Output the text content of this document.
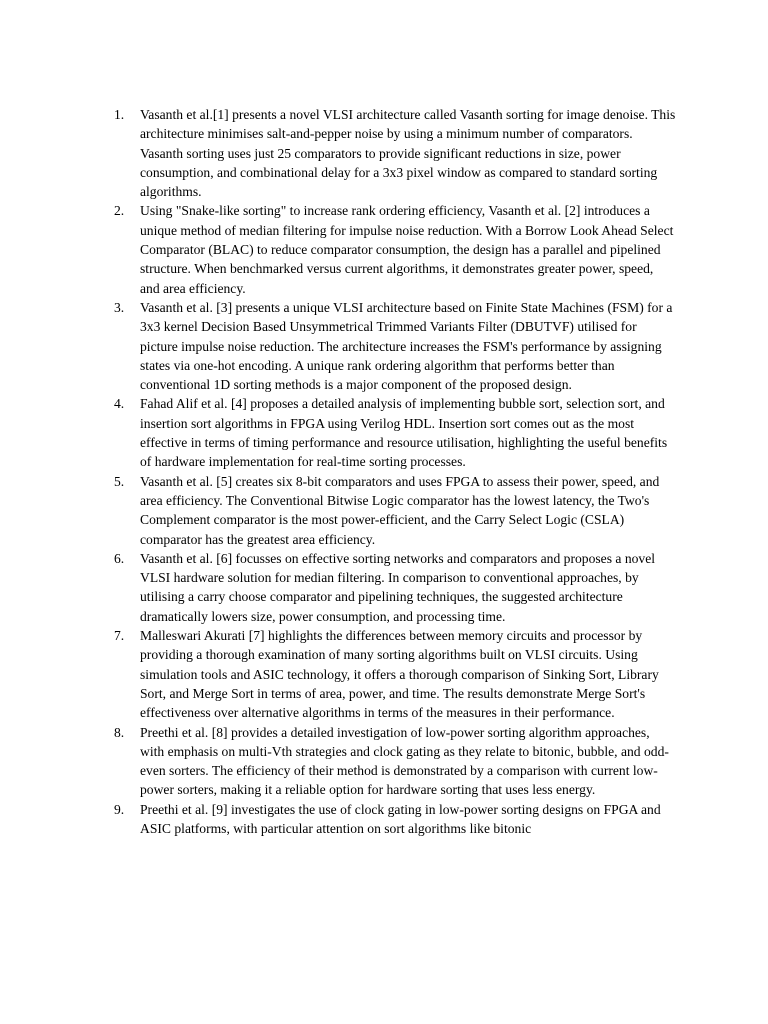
1.	Vasanth et al.[1] presents a novel VLSI architecture called Vasanth sorting for image denoise. This architecture minimises salt-and-pepper noise by using a minimum number of comparators. Vasanth sorting uses just 25 comparators to provide significant reductions in size, power consumption, and combinational delay for a 3x3 pixel window as compared to standard sorting algorithms.
2.	Using "Snake-like sorting" to increase rank ordering efficiency, Vasanth et al. [2] introduces a unique method of median filtering for impulse noise reduction. With a Borrow Look Ahead Select Comparator (BLAC) to reduce comparator consumption, the design has a parallel and pipelined structure. When benchmarked versus current algorithms, it demonstrates greater power, speed, and area efficiency.
3.	Vasanth et al. [3] presents a unique VLSI architecture based on Finite State Machines (FSM) for a 3x3 kernel Decision Based Unsymmetrical Trimmed Variants Filter (DBUTVF) utilised for picture impulse noise reduction. The architecture increases the FSM's performance by assigning states via one-hot encoding. A unique rank ordering algorithm that performs better than conventional 1D sorting methods is a major component of the proposed design.
4.	Fahad Alif et al. [4] proposes a detailed analysis of implementing bubble sort, selection sort, and insertion sort algorithms in FPGA using Verilog HDL. Insertion sort comes out as the most effective in terms of timing performance and resource utilisation, highlighting the useful benefits of hardware implementation for real-time sorting processes.
5.	Vasanth et al. [5] creates six 8-bit comparators and uses FPGA to assess their power, speed, and area efficiency. The Conventional Bitwise Logic comparator has the lowest latency, the Two's Complement comparator is the most power-efficient, and the Carry Select Logic (CSLA) comparator has the greatest area efficiency.
6.	Vasanth et al. [6] focusses on effective sorting networks and comparators and proposes a novel VLSI hardware solution for median filtering. In comparison to conventional approaches, by utilising a carry choose comparator and pipelining techniques, the suggested architecture dramatically lowers size, power consumption, and processing time.
7.	Malleswari Akurati [7] highlights the differences between memory circuits and processor by providing a thorough examination of many sorting algorithms built on VLSI circuits. Using simulation tools and ASIC technology, it offers a thorough comparison of Sinking Sort, Library Sort, and Merge Sort in terms of area, power, and time. The results demonstrate Merge Sort's effectiveness over alternative algorithms in terms of the measures in their performance.
8.	Preethi et al. [8] provides a detailed investigation of low-power sorting algorithm approaches, with emphasis on multi-Vth strategies and clock gating as they relate to bitonic, bubble, and odd-even sorters. The efficiency of their method is demonstrated by a comparison with current low-power sorters, making it a reliable option for hardware sorting that uses less energy.
9.	Preethi et al. [9] investigates the use of clock gating in low-power sorting designs on FPGA and ASIC platforms, with particular attention on sort algorithms like bitonic
